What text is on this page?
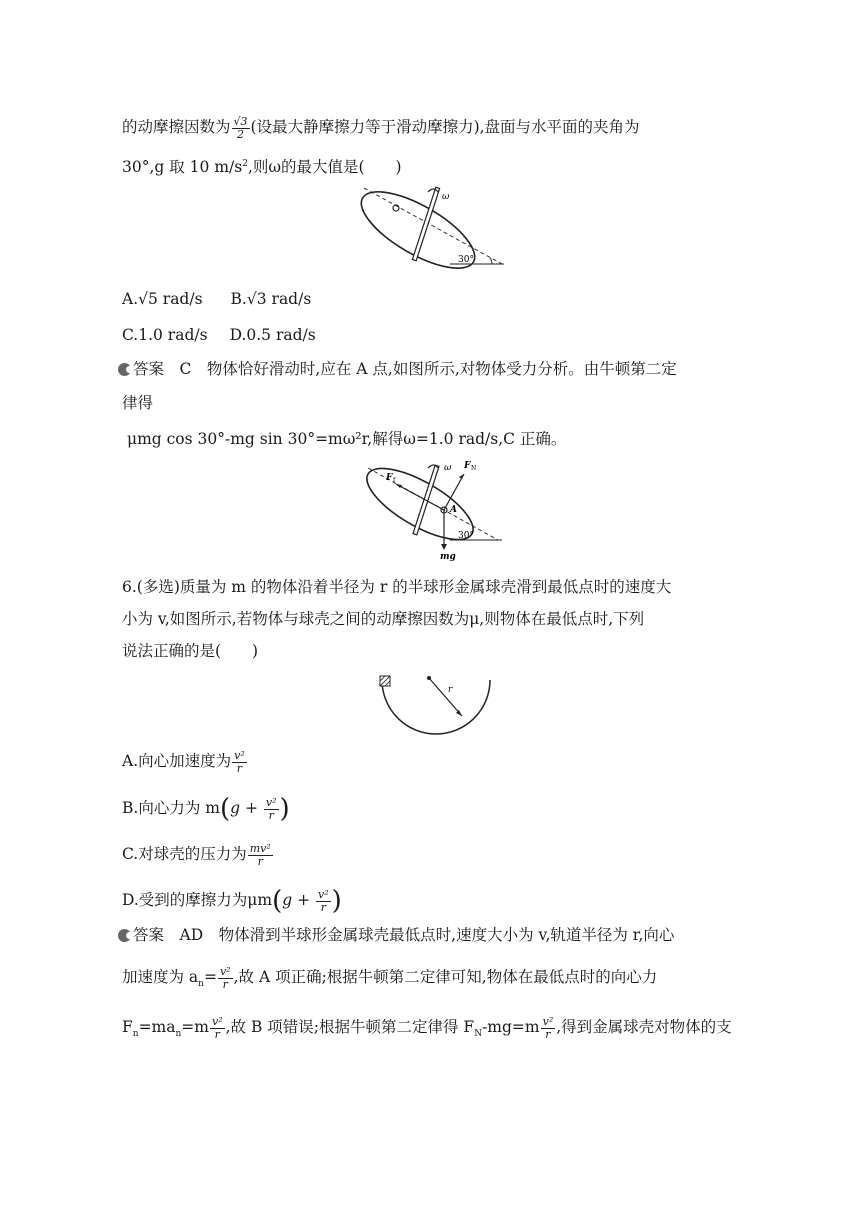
的动摩擦因数为 $\frac{√3}{2}$ (设最大静摩擦力等于滑动摩擦力),盘面与水平面的夹角为
30°,g 取 10 $m/s^2$,则ω的最大值是(　　)
ω
30°
A.√5 rad/s B.√3 rad/s
C.1.0 rad/s D.0.5 rad/s
答案　 C　 物体恰好滑动时,应在 A 点,如图所示,对物体受力分析。由牛顿第二定
律得
μmg cos 30°-mg sin 30°=mω²r,解得ω=1.0 rad/s,C 正确。
ω F N
F f
A
mg
30°
6.(多选)质量为 m 的物体沿着半径为 r 的半球形金属球壳滑到最低点时的速度大
小为 v,如图所示,若物体与球壳之间的动摩擦因数为μ,则物体在最低点时,下列
说法正确的是(　　)
r
A.向心加速度为 $\frac{\text{v²}}{r}$
B.向心力为 $m(g + \frac{\text{v²}}{r}$ )
C.对球壳的压力为 $\frac{\text{mv²}}{r}$
D.受到的摩擦力为$\mu m(g + \frac{\text{v²}}{r}$ )
答案　 AD　 物体滑到半球形金属球壳最低点时,速度大小为 v,轨道半径为 r,向心
加速度为 $a_n= \frac{\text{v²}}{r}$ ,故 A 项正确;根据牛顿第二定律可知,物体在最低点时的向心力
$F_n=ma_n=m \frac{\text{v²}}{r}$ ,故 B 项错误;根据牛顿第二定律得 $F_N-mg=m \frac{\text{v²}}{r}$ ,得到金属球壳对物体的支
